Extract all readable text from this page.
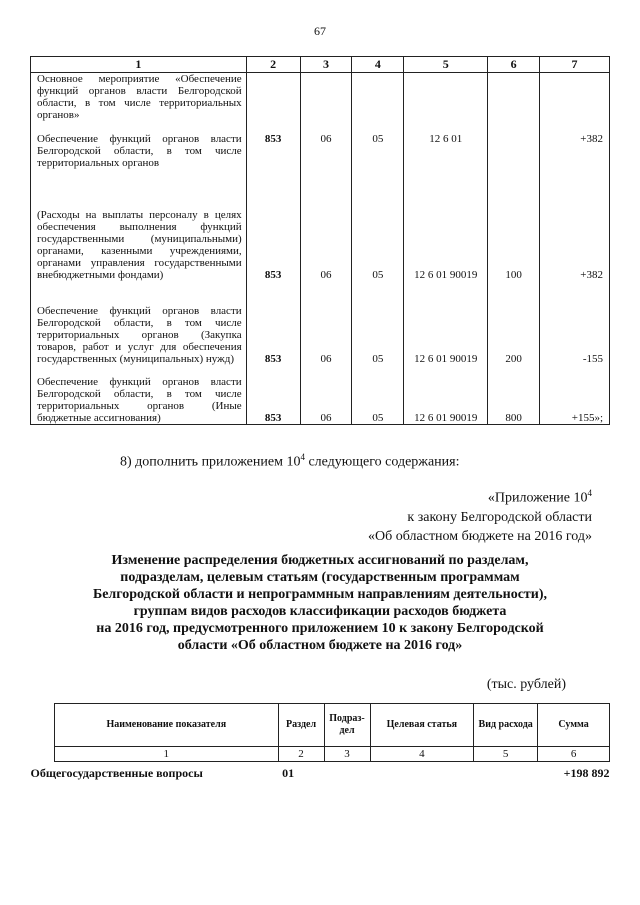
67
1	2	3	4	5	6	7
Основное мероприятие «Обеспечение функций органов власти Белгородской области, в том числе территориальных органов»						
Обеспечение функций органов власти Белгородской области, в том числе территориальных органов	853	06	05	12 6 01		+382
(Расходы на выплаты персоналу в целях обеспечения выполнения функций государственными (муниципальными) органами, казенными учреждениями, органами управления государственными внебюджетными фондами)	853	06	05	12 6 01 90019	100	+382
Обеспечение функций органов власти Белгородской области, в том числе территориальных органов (Закупка товаров, работ и услуг для обеспечения государственных (муниципальных) нужд)	853	06	05	12 6 01 90019	200	-155
Обеспечение функций органов власти Белгородской области, в том числе территориальных органов (Иные бюджетные ассигнования)	853	06	05	12 6 01 90019	800	+155»;
8) дополнить приложением $10^4$ следующего содержания:
«Приложение $10^4$
к закону Белгородской области
«Об областном бюджете на 2016 год»
Изменение распределения бюджетных ассигнований по разделам,
подразделам, целевым статьям (государственным программам
Белгородской области и непрограммным направлениям деятельности),
группам видов расходов классификации расходов бюджета
на 2016 год, предусмотренного приложением 10 к закону Белгородской
области «Об областном бюджете на 2016 год»
(тыс. рублей)
Наименование показателя	Раздел	Подраз-дел	Целевая статья	Вид расхода	Сумма
1	2	3	4	5	6
Общегосударственные вопросы	01				+198 892
